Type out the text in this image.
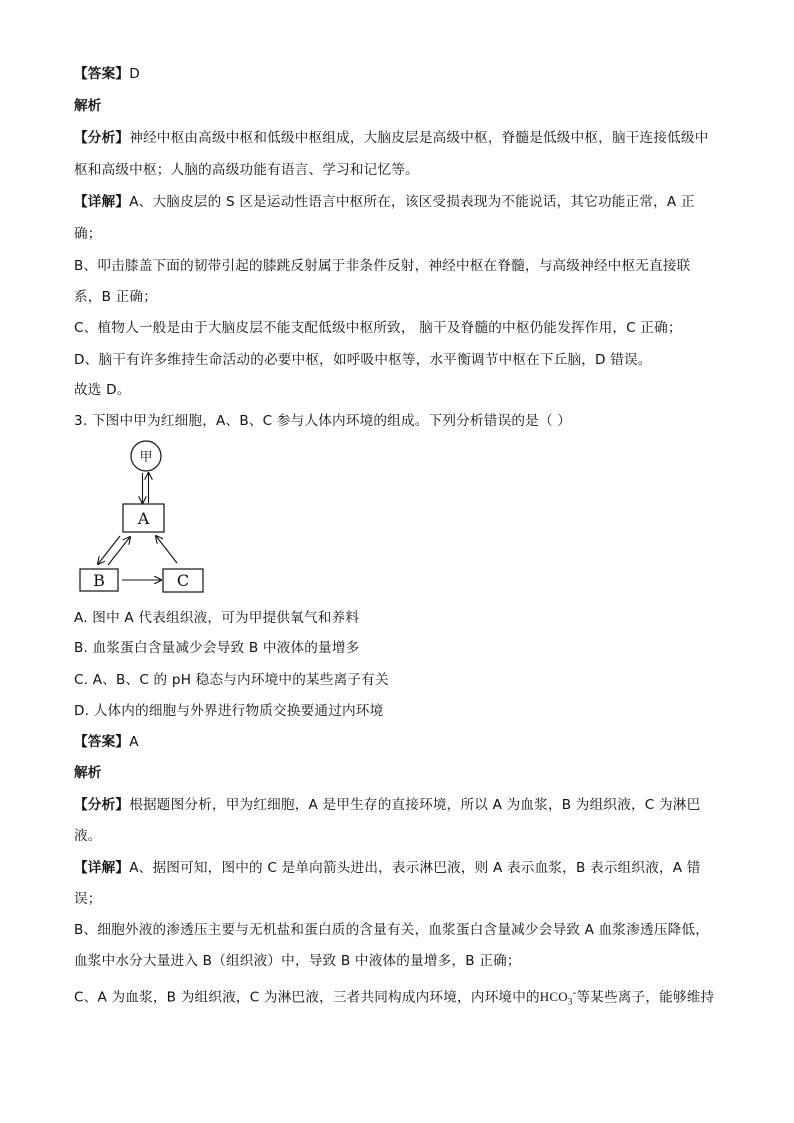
【答案】D
解析
【分析】神经中枢由高级中枢和低级中枢组成，大脑皮层是高级中枢，脊髓是低级中枢，脑干连接低级中
枢和高级中枢；人脑的高级功能有语言、学习和记忆等。
【详解】A、大脑皮层的 S 区是运动性语言中枢所在，该区受损表现为不能说话，其它功能正常，A 正
确；
B、叩击膝盖下面的韧带引起的膝跳反射属于非条件反射，神经中枢在脊髓，与高级神经中枢无直接联
系，B 正确；
C、植物人一般是由于大脑皮层不能支配低级中枢所致， 脑干及脊髓的中枢仍能发挥作用，C 正确；
D、脑干有许多维持生命活动的必要中枢，如呼吸中枢等，水平衡调节中枢在下丘脑，D 错误。
故选 D。
3. 下图中甲为红细胞，A、B、C 参与人体内环境的组成。下列分析错误的是（ ）
甲
A
B	C
A. 图中 A 代表组织液，可为甲提供氧气和养料
B. 血浆蛋白含量减少会导致 B 中液体的量增多
C. A、B、C 的 pH 稳态与内环境中的某些离子有关
D. 人体内的细胞与外界进行物质交换要通过内环境
【答案】A
解析
【分析】根据题图分析，甲为红细胞，A 是甲生存的直接环境，所以 A 为血浆，B 为组织液，C 为淋巴
液。
【详解】A、据图可知，图中的 C 是单向箭头进出，表示淋巴液，则 A 表示血浆，B 表示组织液，A 错
误；
B、细胞外液的渗透压主要与无机盐和蛋白质的含量有关，血浆蛋白含量减少会导致 A 血浆渗透压降低，
血浆中水分大量进入 B（组织液）中，导致 B 中液体的量增多，B 正确；
C、A 为血浆，B 为组织液，C 为淋巴液，三者共同构成内环境，内环境中的$HCO_3^-$等某些离子，能够维持
